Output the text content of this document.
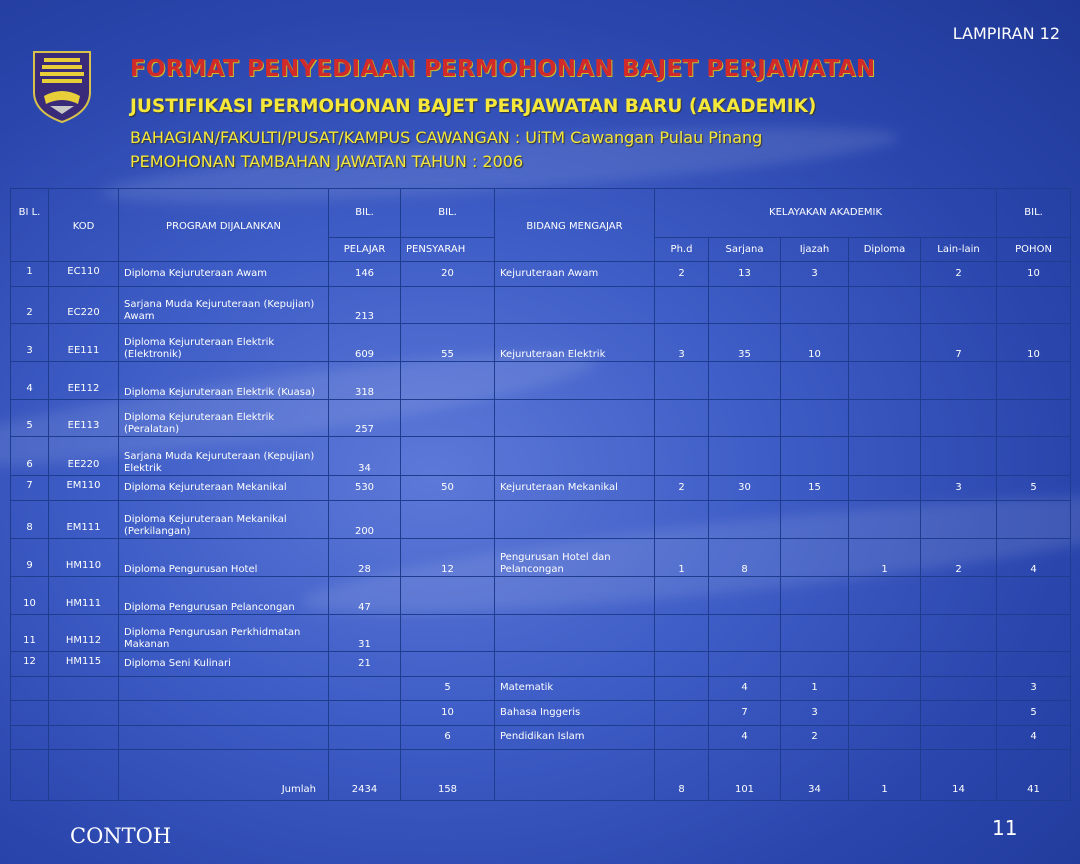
LAMPIRAN 12
FORMAT PENYEDIAAN PERMOHONAN BAJET PERJAWATAN
JUSTIFIKASI PERMOHONAN BAJET PERJAWATAN BARU (AKADEMIK)
BAHAGIAN/FAKULTI/PUSAT/KAMPUS CAWANGAN : UiTM Cawangan Pulau Pinang
PEMOHONAN TAMBAHAN JAWATAN TAHUN : 2006
BI L.	KOD	PROGRAM DIJALANKAN	BIL.	BIL.	BIDANG MENGAJAR	KELAYAKAN AKADEMIK					BIL.
			PELAJAR	PENSYARAH		Ph.d	Sarjana	Ijazah	Diploma	Lain-lain	POHON
1	EC110	Diploma Kejuruteraan Awam	146	20	Kejuruteraan Awam	2	13	3		2	10
2	EC220	Sarjana Muda Kejuruteraan (Kepujian) Awam	213								
3	EE111	Diploma Kejuruteraan Elektrik (Elektronik)	609	55	Kejuruteraan Elektrik	3	35	10		7	10
4	EE112	Diploma Kejuruteraan Elektrik (Kuasa)	318								
5	EE113	Diploma Kejuruteraan Elektrik (Peralatan)	257								
6	EE220	Sarjana Muda Kejuruteraan (Kepujian) Elektrik	34								
7	EM110	Diploma Kejuruteraan Mekanikal	530	50	Kejuruteraan Mekanikal	2	30	15		3	5
8	EM111	Diploma Kejuruteraan Mekanikal (Perkilangan)	200								
9	HM110	Diploma Pengurusan Hotel	28	12	Pengurusan Hotel dan Pelancongan	1	8		1	2	4
10	HM111	Diploma Pengurusan Pelancongan	47								
11	HM112	Diploma Pengurusan Perkhidmatan Makanan	31								
12	HM115	Diploma Seni Kulinari	21								
				5	Matematik		4	1			3
				10	Bahasa Inggeris		7	3			5
				6	Pendidikan Islam		4	2			4
		Jumlah	2434	158		8	101	34	1	14	41
CONTOH	11
